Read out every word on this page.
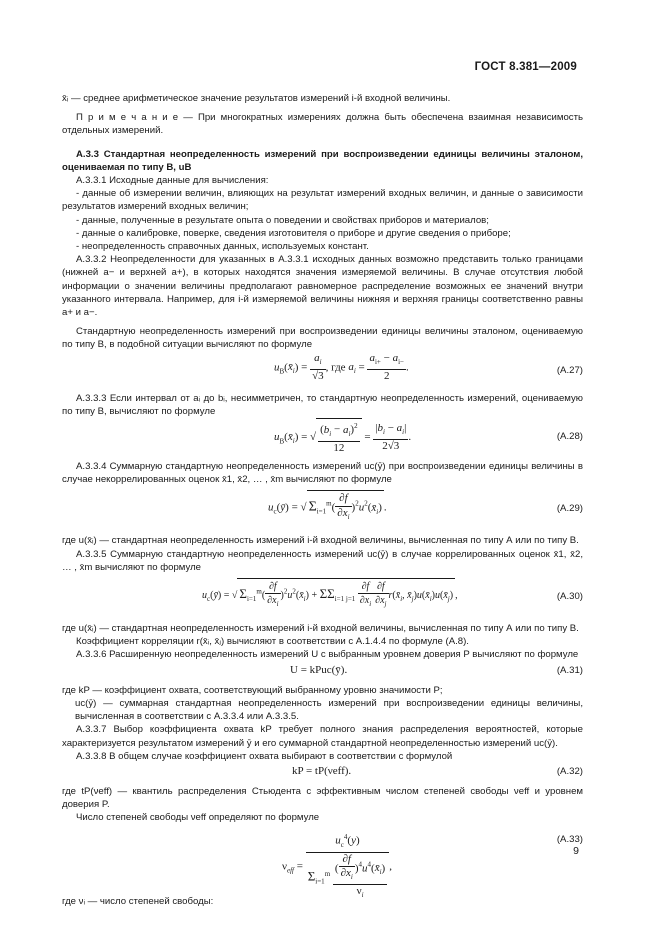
ГОСТ 8.381—2009

x̄ᵢ — среднее арифметическое значение результатов измерений i-й входной величины.

П р и м е ч а н и е — При многократных измерениях должна быть обеспечена взаимная независимость отдельных измерений.

А.3.3 Стандартная неопределенность измерений при воспроизведении единицы величины эталоном, оцениваемая по типу В, uB

А.3.3.1 Исходные данные для вычисления:

- данные об измерении величин, влияющих на результат измерений входных величин, и данные о зависимости результатов измерений входных величин;

- данные, полученные в результате опыта о поведении и свойствах приборов и материалов;

- данные о калибровке, поверке, сведения изготовителя о приборе и другие сведения о приборе;

- неопределенность справочных данных, используемых констант.

А.3.3.2 Неопределенности для указанных в А.3.3.1 исходных данных возможно представить только границами (нижней a− и верхней a+), в которых находятся значения измеряемой величины. В случае отсутствия любой информации о значении величины предполагают равномерное распределение возможных ее значений внутри указанного интервала. Например, для i-й измеряемой величины нижняя и верхняя границы соответственно равны a+ и a−.

Стандартную неопределенность измерений при воспроизведении единицы величины эталоном, оцениваемую по типу В, в подобной ситуации вычисляют по формуле

$u_B(x̄_i) = \frac{a_i}{√3}$ , где $a_i = \frac{a_{i+} - a_{i-}}{2}$ .	(А.27)

А.3.3.3 Если интервал от aᵢ до bᵢ, несимметричен, то стандартную неопределенность измерений, оцениваемую по типу В, вычисляют по формуле

$u_B(x̄_i)$ = √ $\frac{(b_i - a_i)^2}{12} = \frac{|b_i - a_i|}{2√3}$ .	(А.28)

А.3.3.4 Суммарную стандартную неопределенность измерений uc(ȳ) при воспроизведении единицы величины в случае некоррелированных оценок x̄1, x̄2, … , x̄m вычисляют по формуле

$u_c(ȳ)$ = √ $\Sigma_{i=1}^m( \frac{\partial f}{\partial x_i}$ )$^2u^2(x̄_i)$ .	(А.29)

где u(x̄ᵢ) — стандартная неопределенность измерений i-й входной величины, вычисленная по типу А или по типу В.

А.3.3.5 Суммарную стандартную неопределенность измерений uc(ȳ) в случае коррелированных оценок x̄1, x̄2, … , x̄m вычисляют по формуле

$u_c(ȳ)$ = √ $\Sigma_{i=1}^m( \frac{\partial f}{\partial x_i}$ )$^2u^2(x̄_i) + \Sigma\Sigma_{i=1 j=1} \frac{\partial f}{\partial x_i} \frac{\partial f}{\partial x_j}$ $r(x̄_i$, $x̄_j)u(x̄_i)u(x̄_j)$ ,	(А.30)

где u(x̄ᵢ) — стандартная неопределенность измерений i-й входной величины, вычисленная по типу А или по типу В.

Коэффициент корреляции r(x̄ᵢ, x̄ⱼ) вычисляют в соответствии с А.1.4.4 по формуле (А.8).

А.3.3.6 Расширенную неопределенность измерений U с выбранным уровнем доверия P вычисляют по формуле

U = kPuc(ȳ).	(А.31)

где kP — коэффициент охвата, соответствующий выбранному уровню значимости P;

uc(ȳ) — суммарная стандартная неопределенность измерений при воспроизведении единицы величины, вычисленная в соответствии с А.3.3.4 или А.3.3.5.

А.3.3.7 Выбор коэффициента охвата kP требует полного знания распределения вероятностей, которые характеризуется результатом измерений ȳ и его суммарной стандартной неопределенностью измерений uc(ȳ).

А.3.3.8 В общем случае коэффициент охвата выбирают в соответствии с формулой

kP = tP(νeff).	(А.32)

где tP(νeff) — квантиль распределения Стьюдента с эффективным числом степеней свободы νeff и уровнем доверия P.

Число степеней свободы νeff определяют по формуле

$\nu_{eff} = \frac{u_c^4(y)}{\Sigma_{i=1}^m \frac{( \frac{\partial f}{\partial x_i} )^4u^4(x̄_i)}{\nu_i}}$ ,
(А.33)

где νᵢ — число степеней свободы:

9
